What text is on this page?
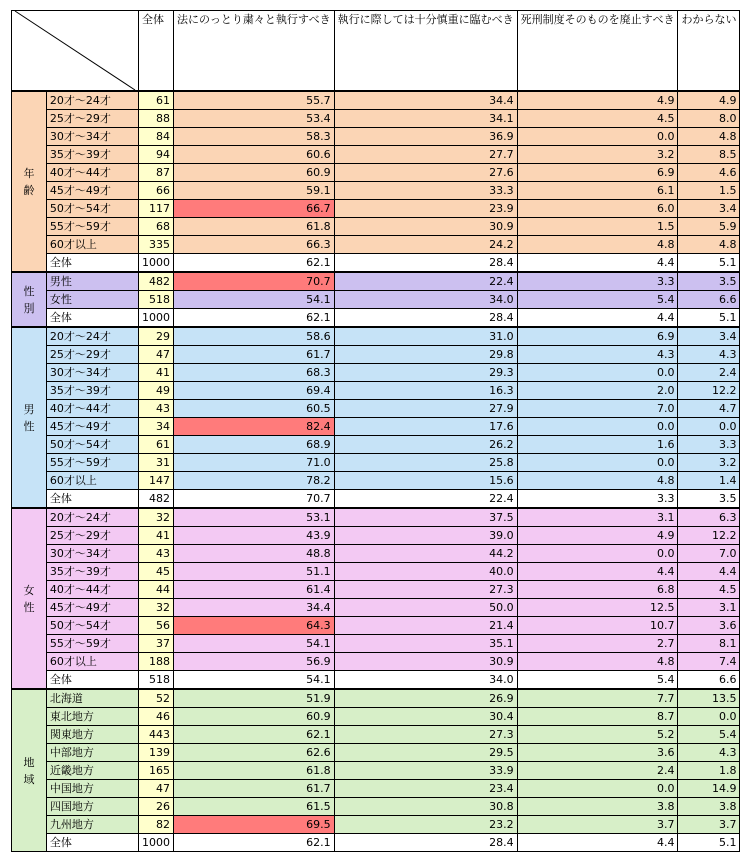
	全体	法にのっとり粛々と執行すべき	執行に際しては十分慎重に臨むべき	死刑制度そのものを廃止すべき	わからない
年
齢	20才～24才	61	55.7	34.4	4.9	4.9
	25才～29才	88	53.4	34.1	4.5	8.0
	30才～34才	84	58.3	36.9	0.0	4.8
	35才～39才	94	60.6	27.7	3.2	8.5
	40才～44才	87	60.9	27.6	6.9	4.6
	45才～49才	66	59.1	33.3	6.1	1.5
	50才～54才	117	66.7	23.9	6.0	3.4
	55才～59才	68	61.8	30.9	1.5	5.9
	60才以上	335	66.3	24.2	4.8	4.8
	全体	1000	62.1	28.4	4.4	5.1
性
別	男性	482	70.7	22.4	3.3	3.5
	女性	518	54.1	34.0	5.4	6.6
	全体	1000	62.1	28.4	4.4	5.1
男
性	20才～24才	29	58.6	31.0	6.9	3.4
	25才～29才	47	61.7	29.8	4.3	4.3
	30才～34才	41	68.3	29.3	0.0	2.4
	35才～39才	49	69.4	16.3	2.0	12.2
	40才～44才	43	60.5	27.9	7.0	4.7
	45才～49才	34	82.4	17.6	0.0	0.0
	50才～54才	61	68.9	26.2	1.6	3.3
	55才～59才	31	71.0	25.8	0.0	3.2
	60才以上	147	78.2	15.6	4.8	1.4
	全体	482	70.7	22.4	3.3	3.5
女
性	20才～24才	32	53.1	37.5	3.1	6.3
	25才～29才	41	43.9	39.0	4.9	12.2
	30才～34才	43	48.8	44.2	0.0	7.0
	35才～39才	45	51.1	40.0	4.4	4.4
	40才～44才	44	61.4	27.3	6.8	4.5
	45才～49才	32	34.4	50.0	12.5	3.1
	50才～54才	56	64.3	21.4	10.7	3.6
	55才～59才	37	54.1	35.1	2.7	8.1
	60才以上	188	56.9	30.9	4.8	7.4
	全体	518	54.1	34.0	5.4	6.6
地
域	北海道	52	51.9	26.9	7.7	13.5
	東北地方	46	60.9	30.4	8.7	0.0
	関東地方	443	62.1	27.3	5.2	5.4
	中部地方	139	62.6	29.5	3.6	4.3
	近畿地方	165	61.8	33.9	2.4	1.8
	中国地方	47	61.7	23.4	0.0	14.9
	四国地方	26	61.5	30.8	3.8	3.8
	九州地方	82	69.5	23.2	3.7	3.7
	全体	1000	62.1	28.4	4.4	5.1
